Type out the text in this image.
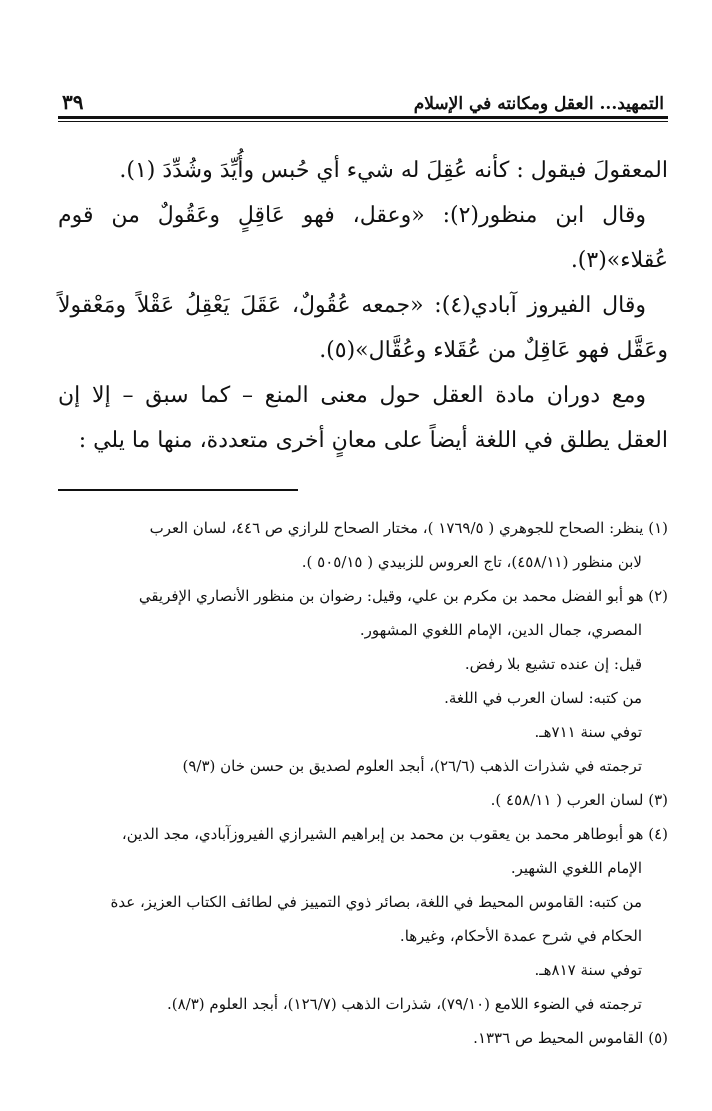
التمهيد... العقل ومكانته في الإسلام
٣٩

المعقولَ فيقول : كأنه عُقِلَ له شيء أي حُبس وأُيِّدَ وشُدِّدَ (١).

وقال ابن منظور(٢): «وعقل، فهو عَاقِلٍ وعَقُولٌ من قوم عُقلاء»(٣).

وقال الفيروز آبادي(٤): «جمعه عُقُولٌ، عَقَلَ يَعْقِلُ عَقْلاً ومَعْقولاً وعَقَّل فهو عَاقِلٌ من عُقَلاء وعُقَّال»(٥).

ومع دوران مادة العقل حول معنى المنع – كما سبق – إلا إن العقل يطلق في اللغة أيضاً على معانٍ أخرى متعددة، منها ما يلي :

(١) ينظر: الصحاح للجوهري ( ١٧٦٩/٥ )، مختار الصحاح للرازي ص ٤٤٦، لسان العرب

لابن منظور (٤٥٨/١١)، تاج العروس للزبيدي ( ٥٠٥/١٥ ).

(٢) هو أبو الفضل محمد بن مكرم بن علي، وقيل: رضوان بن منظور الأنصاري الإفريقي

المصري، جمال الدين، الإمام اللغوي المشهور.

قيل: إن عنده تشيع بلا رفض.

من كتبه: لسان العرب في اللغة.

توفي سنة ٧١١هـ.

ترجمته في شذرات الذهب (٢٦/٦)، أبجد العلوم لصديق بن حسن خان (٩/٣)

(٣) لسان العرب ( ٤٥٨/١١ ).

(٤) هو أبوطاهر محمد بن يعقوب بن محمد بن إبراهيم الشيرازي الفيروزآبادي، مجد الدين،

الإمام اللغوي الشهير.

من كتبه: القاموس المحيط في اللغة، بصائر ذوي التمييز في لطائف الكتاب العزيز، عدة

الحكام في شرح عمدة الأحكام، وغيرها.

توفي سنة ٨١٧هـ.

ترجمته في الضوء اللامع (٧٩/١٠)، شذرات الذهب (١٢٦/٧)، أبجد العلوم (٨/٣).

(٥) القاموس المحيط ص ١٣٣٦.
